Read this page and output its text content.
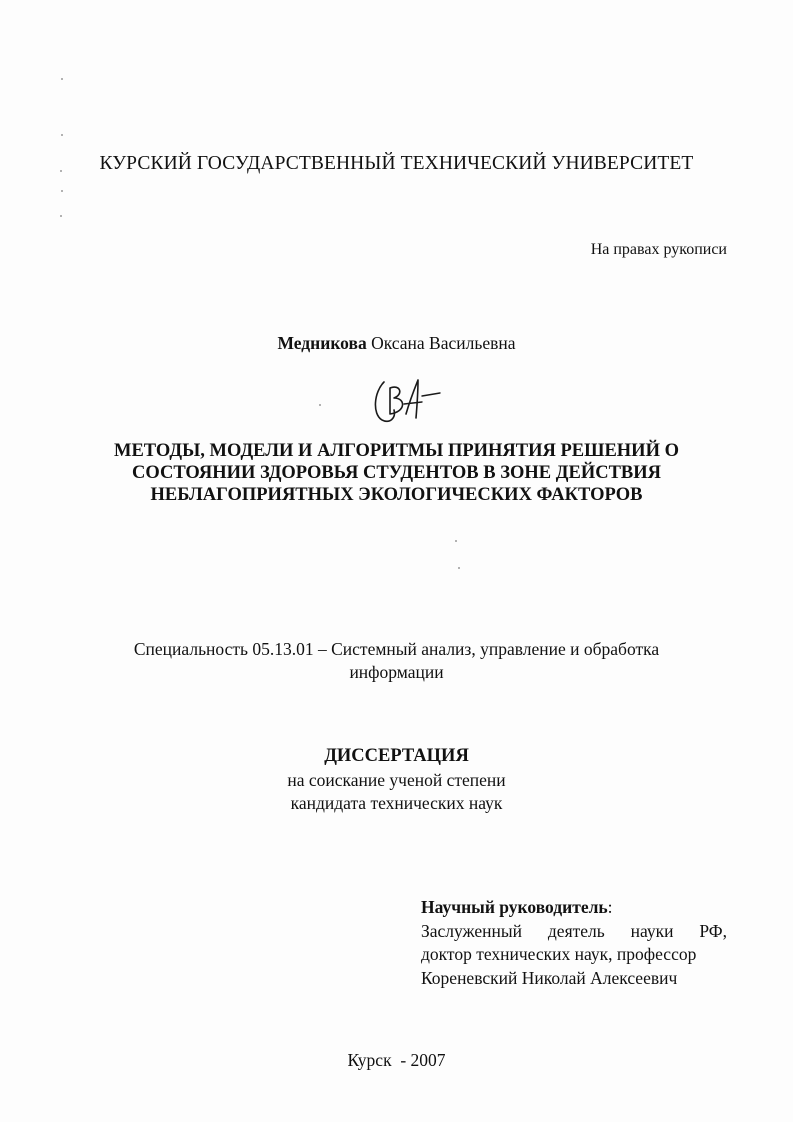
КУРСКИЙ ГОСУДАРСТВЕННЫЙ ТЕХНИЧЕСКИЙ УНИВЕРСИТЕТ
На правах рукописи
Медникова Оксана Васильевна
МЕТОДЫ, МОДЕЛИ И АЛГОРИТМЫ ПРИНЯТИЯ РЕШЕНИЙ О
СОСТОЯНИИ ЗДОРОВЬЯ СТУДЕНТОВ В ЗОНЕ ДЕЙСТВИЯ
НЕБЛАГОПРИЯТНЫХ ЭКОЛОГИЧЕСКИХ ФАКТОРОВ
Специальность 05.13.01 – Системный анализ, управление и обработка
информации
ДИССЕРТАЦИЯ
на соискание ученой степени
кандидата технических наук
Научный руководитель:
Заслуженный деятель науки РФ,
доктор технических наук, профессор
Кореневский Николай Алексеевич
Курск  - 2007
